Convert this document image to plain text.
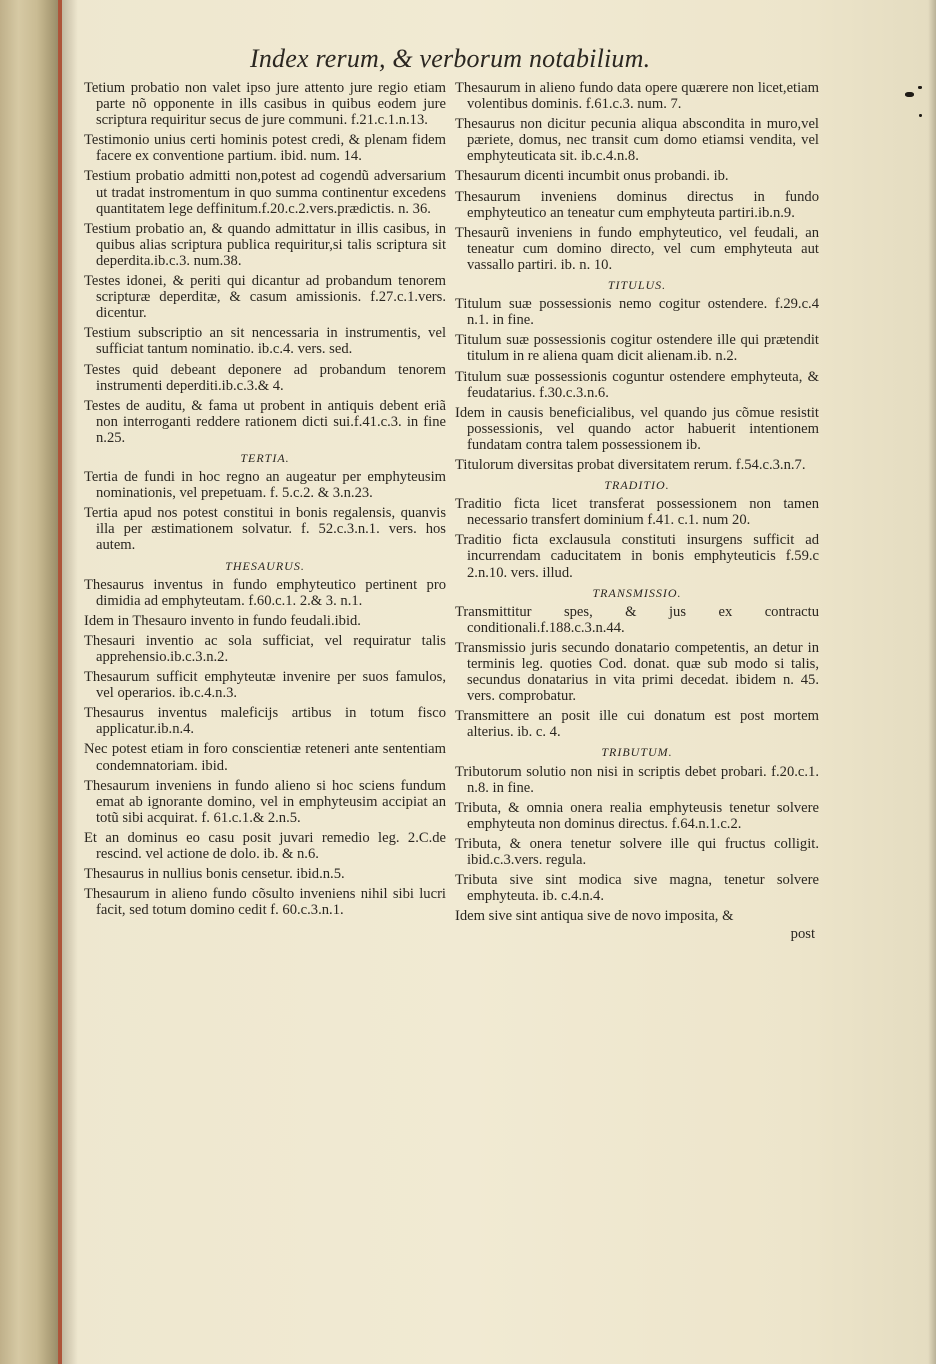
Index rerum, & verborum notabilium.
Tetium probatio non valet ipso jure attento jure regio etiam parte nõ opponente in ills casibus in quibus eodem jure scriptura requiritur secus de jure communi. f.21.c.1.n.13.
Testimonio unius certi hominis potest credi, & plenam fidem facere ex conventione partium. ibid. num. 14.
Testium probatio admitti non,potest ad cogendũ adversarium ut tradat instromentum in quo summa continentur excedens quantitatem lege deffinitum.f.20.c.2.vers.prædictis. n. 36.
Testium probatio an, & quando admittatur in illis casibus, in quibus alias scriptura publica requiritur,si talis scriptura sit deperdita.ib.c.3. num.38.
Testes idonei, & periti qui dicantur ad probandum tenorem scripturæ deperditæ, & casum amissionis. f.27.c.1.vers. dicentur.
Testium subscriptio an sit nencessaria in instrumentis, vel sufficiat tantum nominatio. ib.c.4. vers. sed.
Testes quid debeant deponere ad probandum tenorem instrumenti deperditi.ib.c.3.& 4.
Testes de auditu, & fama ut probent in antiquis debent eriã non interroganti reddere rationem dicti sui.f.41.c.3. in fine n.25.
TERTIA.
Tertia de fundi in hoc regno an augeatur per emphyteusim nominationis, vel prepetuam. f. 5.c.2. & 3.n.23.
Tertia apud nos potest constitui in bonis regalensis, quanvis illa per æstimationem solvatur. f. 52.c.3.n.1. vers. hos autem.
THESAURUS.
Thesaurus inventus in fundo emphyteutico pertinent pro dimidia ad emphyteutam. f.60.c.1. 2.& 3. n.1.
Idem in Thesauro invento in fundo feudali.ibid.
Thesauri inventio ac sola sufficiat, vel requiratur talis apprehensio.ib.c.3.n.2.
Thesaurum sufficit emphyteutæ invenire per suos famulos, vel operarios. ib.c.4.n.3.
Thesaurus inventus maleficijs artibus in totum fisco applicatur.ib.n.4.
Nec potest etiam in foro conscientiæ reteneri ante sententiam condemnatoriam. ibid.
Thesaurum inveniens in fundo alieno si hoc sciens fundum emat ab ignorante domino, vel in emphyteusim accipiat an totũ sibi acquirat. f. 61.c.1.& 2.n.5.
Et an dominus eo casu posit juvari remedio leg. 2.C.de rescind. vel actione de dolo. ib. & n.6.
Thesaurus in nullius bonis censetur. ibid.n.5.
Thesaurum in alieno fundo cõsulto inveniens nihil sibi lucri facit, sed totum domino cedit f. 60.c.3.n.1.
Thesaurum in alieno fundo data opere quærere non licet,etiam volentibus dominis. f.61.c.3. num. 7.
Thesaurus non dicitur pecunia aliqua abscondita in muro,vel pæriete, domus, nec transit cum domo etiamsi vendita, vel emphyteuticata sit. ib.c.4.n.8.
Thesaurum dicenti incumbit onus probandi. ib.
Thesaurum inveniens dominus directus in fundo emphyteutico an teneatur cum emphyteuta partiri.ib.n.9.
Thesaurũ inveniens in fundo emphyteutico, vel feudali, an teneatur cum domino directo, vel cum emphyteuta aut vassallo partiri. ib. n. 10.
TITULUS.
Titulum suæ possessionis nemo cogitur ostendere. f.29.c.4 n.1. in fine.
Titulum suæ possessionis cogitur ostendere ille qui prætendit titulum in re aliena quam dicit alienam.ib. n.2.
Titulum suæ possessionis coguntur ostendere emphyteuta, & feudatarius. f.30.c.3.n.6.
Idem in causis beneficialibus, vel quando jus cõmue resistit possessionis, vel quando actor habuerit intentionem fundatam contra talem possessionem ib.
Titulorum diversitas probat diversitatem rerum. f.54.c.3.n.7.
TRADITIO.
Traditio ficta licet transferat possessionem non tamen necessario transfert dominium f.41. c.1. num 20.
Traditio ficta exclausula constituti insurgens sufficit ad incurrendam caducitatem in bonis emphyteuticis f.59.c 2.n.10. vers. illud.
TRANSMISSIO.
Transmittitur spes, & jus ex contractu conditionali.f.188.c.3.n.44.
Transmissio juris secundo donatario competentis, an detur in terminis leg. quoties Cod. donat. quæ sub modo si talis, secundus donatarius in vita primi decedat. ibidem n. 45. vers. comprobatur.
Transmittere an posit ille cui donatum est post mortem alterius. ib. c. 4.
TRIBUTUM.
Tributorum solutio non nisi in scriptis debet probari. f.20.c.1. n.8. in fine.
Tributa, & omnia onera realia emphyteusis tenetur solvere emphyteuta non dominus directus. f.64.n.1.c.2.
Tributa, & onera tenetur solvere ille qui fructus colligit. ibid.c.3.vers. regula.
Tributa sive sint modica sive magna, tenetur solvere emphyteuta. ib. c.4.n.4.
Idem sive sint antiqua sive de novo imposita, &
post
